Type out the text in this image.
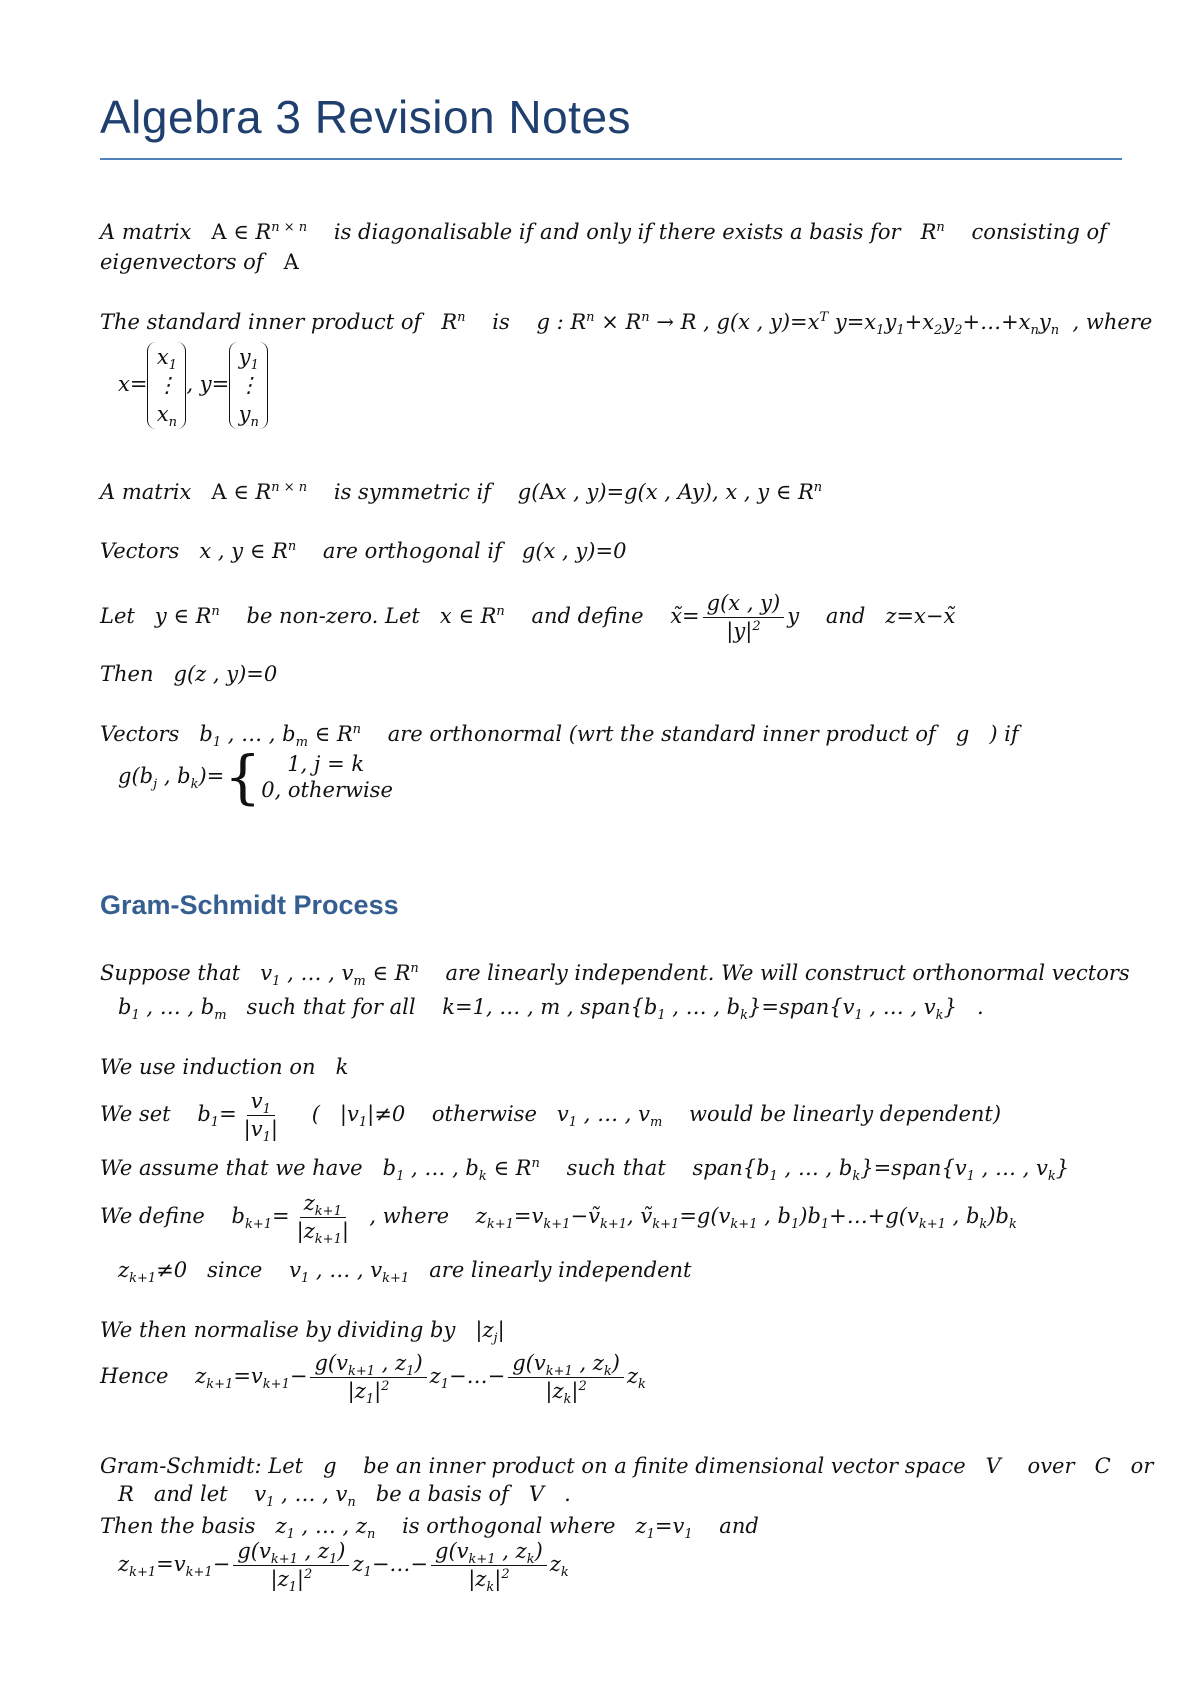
Algebra 3 Revision Notes
A matrix A ∈ $R^{n \times n}$ is diagonalisable if and only if there exists a basis for $R^n$ consisting of
eigenvectors of A
The standard inner product of $R^n$ is g : $R^n \times R^n \to R$ , g(x , $y)=x^T$ $y=x_1y_1+x_2y_2+\dots+x_ny_n$ , where
x=
$x_1$
⋮
$x_n$
, y=
$y_1$
⋮
$y_n$
A matrix A ∈ $R^{n \times n}$ is symmetric if g(Ax , y)=g(x , Ay), x , y ∈ $R^n$
Vectors x , y ∈ $R^n$ are orthogonal if g(x , y)=0
Let y ∈ $R^n$ be non-zero. Let x ∈ $R^n$ and define x̃= $\frac{g(x , y)}{|y|^2}$ y and z=x−x̃
Then g(z , y)=0
Vectors $b_1$ , … , $b_m$ ∈ $R^n$ are orthonormal (wrt the standard inner product of g ) if
$g(b_j$ , $b_k)=${	1, j = k
0, otherwise
Gram-Schmidt Process
Suppose that $v_1$ , … , $v_m$ ∈ $R^n$ are linearly independent. We will construct orthonormal vectors
$b_1$ , … , $b_m$ such that for all k=1, … , m , $span\{b_1$ , … , $b_k\}=span\{v_1$ , … , $v_k$}   .
We use induction on k
We set $b_1= \frac{v_1}{|v_1|}$ ( $|v_1|\ne 0$ otherwise $v_1$ , … , $v_m$ would be linearly dependent)
We assume that we have $b_1$ , … , $b_k$ ∈ $R^n$ such that $span\{b_1$ , … , $b_k\}=span\{v_1$ , … , $v_k$}
We define $b_{k+1}= \frac{z_{k+1}}{|z_{k+1}|}$ , where $z_{k+1}=v_{k+1}-ṽ_{k+1}$, $ṽ_{k+1}=g(v_{k+1}$ , $b_1)b_1+\dots+g(v_{k+1}$ , $b_k)b_k$
$z_{k+1}\ne 0$ since $v_1$ , … , $v_{k+1}$ are linearly independent
We then normalise by dividing by $|z_j|$
Hence $z_{k+1}=v_{k+1}- \frac{g(v_{k+1} , z_1)}{|z_1|^2}$ $z_1-\dots- \frac{g(v_{k+1} , z_k)}{|z_k|^2} z_k$
Gram-Schmidt: Let g be an inner product on a finite dimensional vector space V over C or
R and let $v_1$ , … , $v_n$ be a basis of V   .
Then the basis $z_1$ , … , $z_n$ is orthogonal where $z_1=v_1$ and
$z_{k+1}=v_{k+1}- \frac{g(v_{k+1} , z_1)}{|z_1|^2}$ $z_1-\dots- \frac{g(v_{k+1} , z_k)}{|z_k|^2} z_k$
